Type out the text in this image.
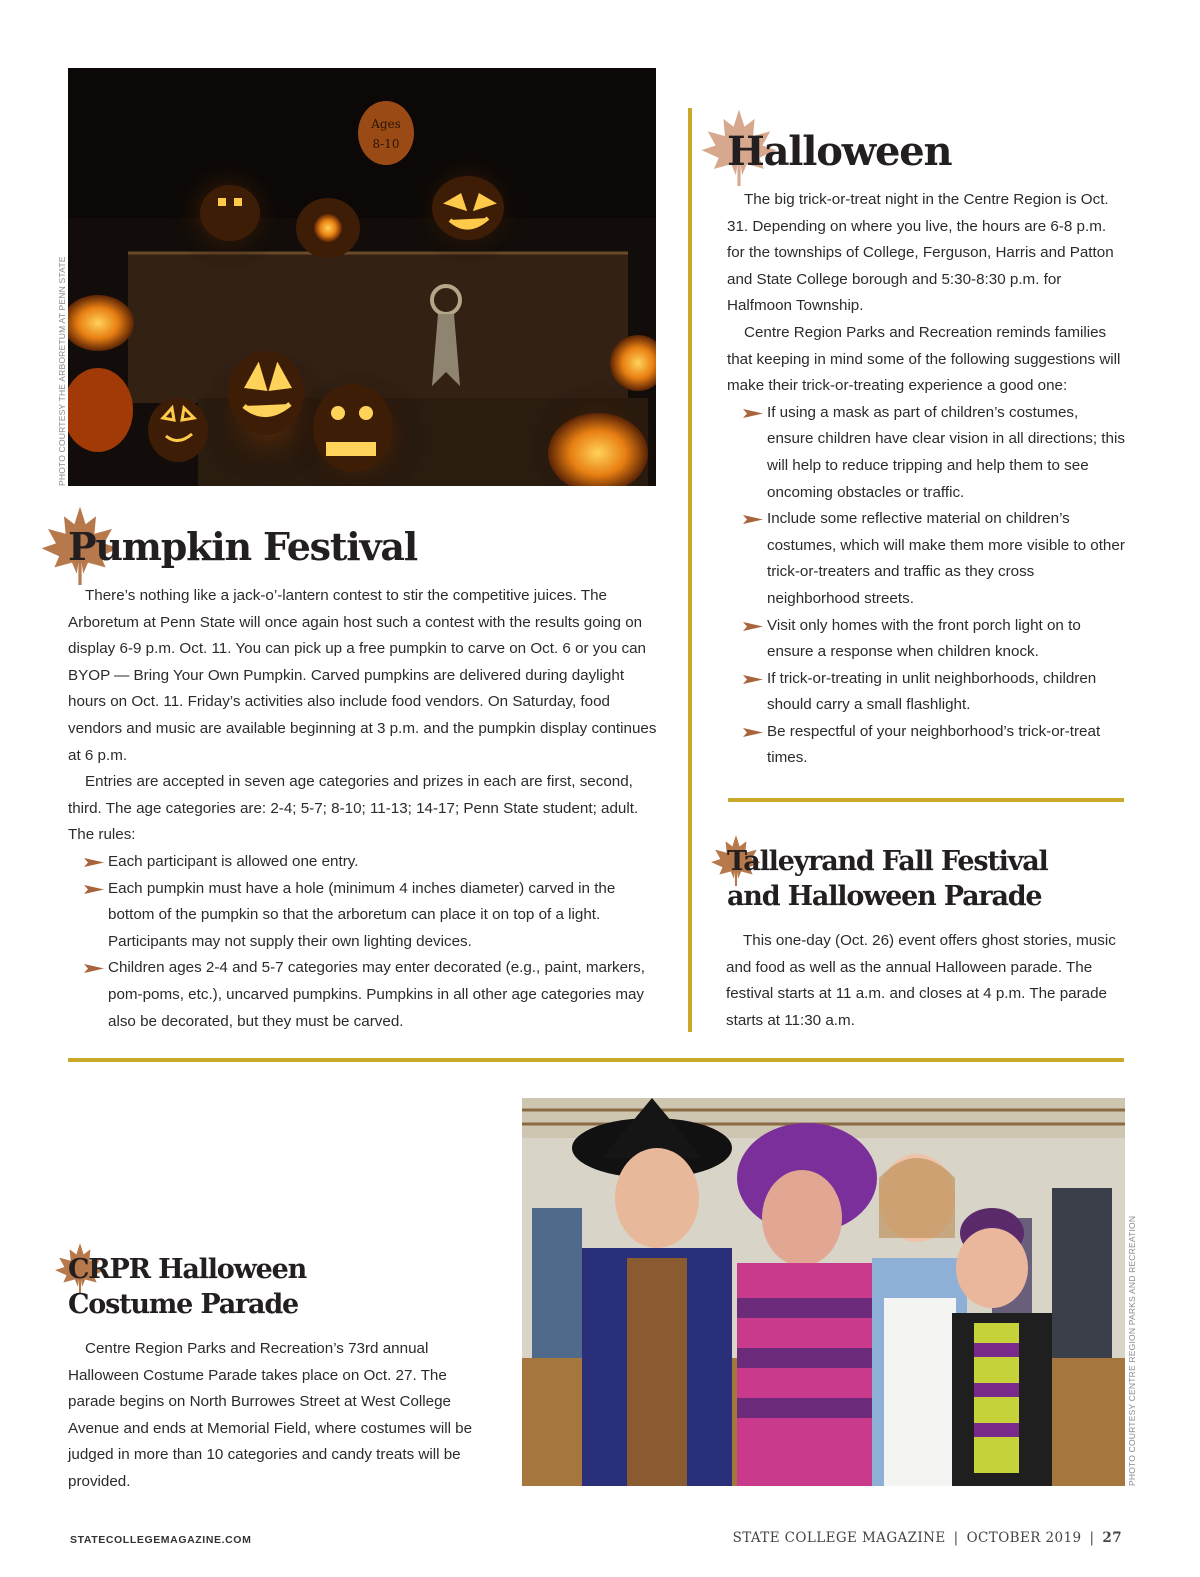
Ages
8-10
PHOTO COURTESY THE ARBORETUM AT PENN STATE
Pumpkin Festival

There’s nothing like a jack-o’-lantern contest to stir the competitive juices. The Arboretum at Penn State will once again host such a contest with the results going on display 6-9 p.m. Oct. 11. You can pick up a free pumpkin to carve on Oct. 6 or you can BYOP — Bring Your Own Pumpkin. Carved pumpkins are delivered during daylight hours on Oct. 11. Friday’s activities also include food vendors. On Saturday, food vendors and music are available beginning at 3 p.m. and the pumpkin display continues at 6 p.m.

Entries are accepted in seven age categories and prizes in each are first, second, third. The age categories are: 2-4; 5-7; 8-10; 11-13; 14-17; Penn State student; adult. The rules:

Each participant is allowed one entry.
Each pumpkin must have a hole (minimum 4 inches diameter) carved in the bottom of the pumpkin so that the arboretum can place it on top of a light. Participants may not supply their own lighting devices.
Children ages 2-4 and 5-7 categories may enter decorated (e.g., paint, markers, pom-poms, etc.), uncarved pumpkins. Pumpkins in all other age categories may also be decorated, but they must be carved.
Halloween

The big trick-or-treat night in the Centre Region is Oct. 31. Depending on where you live, the hours are 6-8 p.m. for the townships of College, Ferguson, Harris and Patton and State College borough and 5:30-8:30 p.m. for Halfmoon Township.

Centre Region Parks and Recreation reminds families that keeping in mind some of the following suggestions will make their trick-or-treating experience a good one:

If using a mask as part of children’s costumes, ensure children have clear vision in all directions; this will help to reduce tripping and help them to see oncoming obstacles or traffic.
Include some reflective material on children’s costumes, which will make them more visible to other trick-or-treaters and traffic as they cross neighborhood streets.
Visit only homes with the front porch light on to ensure a response when children knock.
If trick-or-treating in unlit neighborhoods, children should carry a small flashlight.
Be respectful of your neighborhood’s trick-or-treat times.
Talleyrand Fall Festival
and Halloween Parade

This one-day (Oct. 26) event offers ghost stories, music and food as well as the annual Halloween parade. The festival starts at 11 a.m. and closes at 4 p.m. The parade starts at 11:30 a.m.

CRPR Halloween
Costume Parade

Centre Region Parks and Recreation’s 73rd annual Halloween Costume Parade takes place on Oct. 27. The parade begins on North Burrowes Street at West College Avenue and ends at Memorial Field, where costumes will be judged in more than 10 categories and candy treats will be provided.	PHOTO COURTESY CENTRE REGION PARKS AND RECREATION
STATECOLLEGEMAGAZINE.COM	STATE COLLEGE MAGAZINE | OCTOBER 2019 | 27
